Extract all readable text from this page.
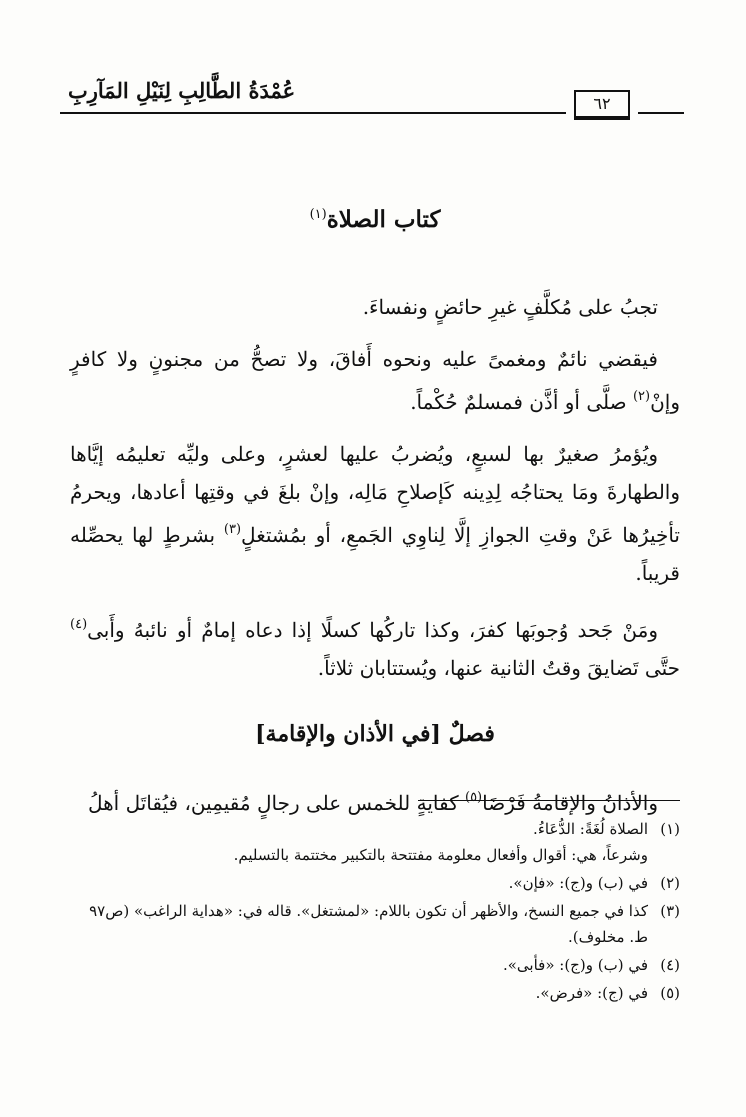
عُمْدَةُ الطَّالِبِ لِنَيْلِ المَآرِبِ
٦٢
كتاب الصلاة$^{(١)}$

تجبُ على مُكلَّفٍ غيرِ حائضٍ ونفساءَ.

فيقضي نائمٌ ومغمىً عليه ونحوه أَفاقَ، ولا تصحُّ من مجنونٍ ولا كافرٍ وإنْ$^{(٢)}$ صلَّى أو أذَّن فمسلمٌ حُكْماً.

ويُؤمرُ صغيرٌ بها لسبعٍ، ويُضربُ عليها لعشرٍ، وعلى وليِّه تعليمُه إيَّاها والطهارةَ ومَا يحتاجُه لِدِينه كَإصلاحِ مَالِه، وإنْ بلغَ في وقتِها أعادها، ويحرمُ تأخِيرُها عَنْ وقتِ الجوازِ إلَّا لِناوِي الجَمعِ، أو بمُشتغلٍ$^{(٣)}$ بشرطٍ لها يحصِّله قريباً.

ومَنْ جَحد وُجوبَها كفرَ، وكذا تاركُها كسلًا إذا دعاه إمامٌ أو نائبهُ وأَبى$^{(٤)}$ حتَّى تَضايقَ وقتُ الثانية عنها، ويُستتابان ثلاثاً.

فصلٌ [في الأذان والإقامة]

والأذانُ والإقامةُ فَرْضَا$^{(٥)}$ كفايةٍ للخمس على رجالٍ مُقيمِين، فيُقاتَل أهلُ

(١)
الصلاة لُغَةً: الدُّعَاءُ.
وشرعاً، هي: أقوال وأفعال معلومة مفتتحة بالتكبير مختتمة بالتسليم.
(٢)
في (ب) و(ج): «فإن».
(٣)
كذا في جميع النسخ، والأظهر أن تكون باللام: «لمشتغل». قاله في: «هداية الراغب» (ص٩٧ ط. مخلوف).
(٤)
في (ب) و(ج): «فأبى».
(٥)
في (ج): «فرض».
